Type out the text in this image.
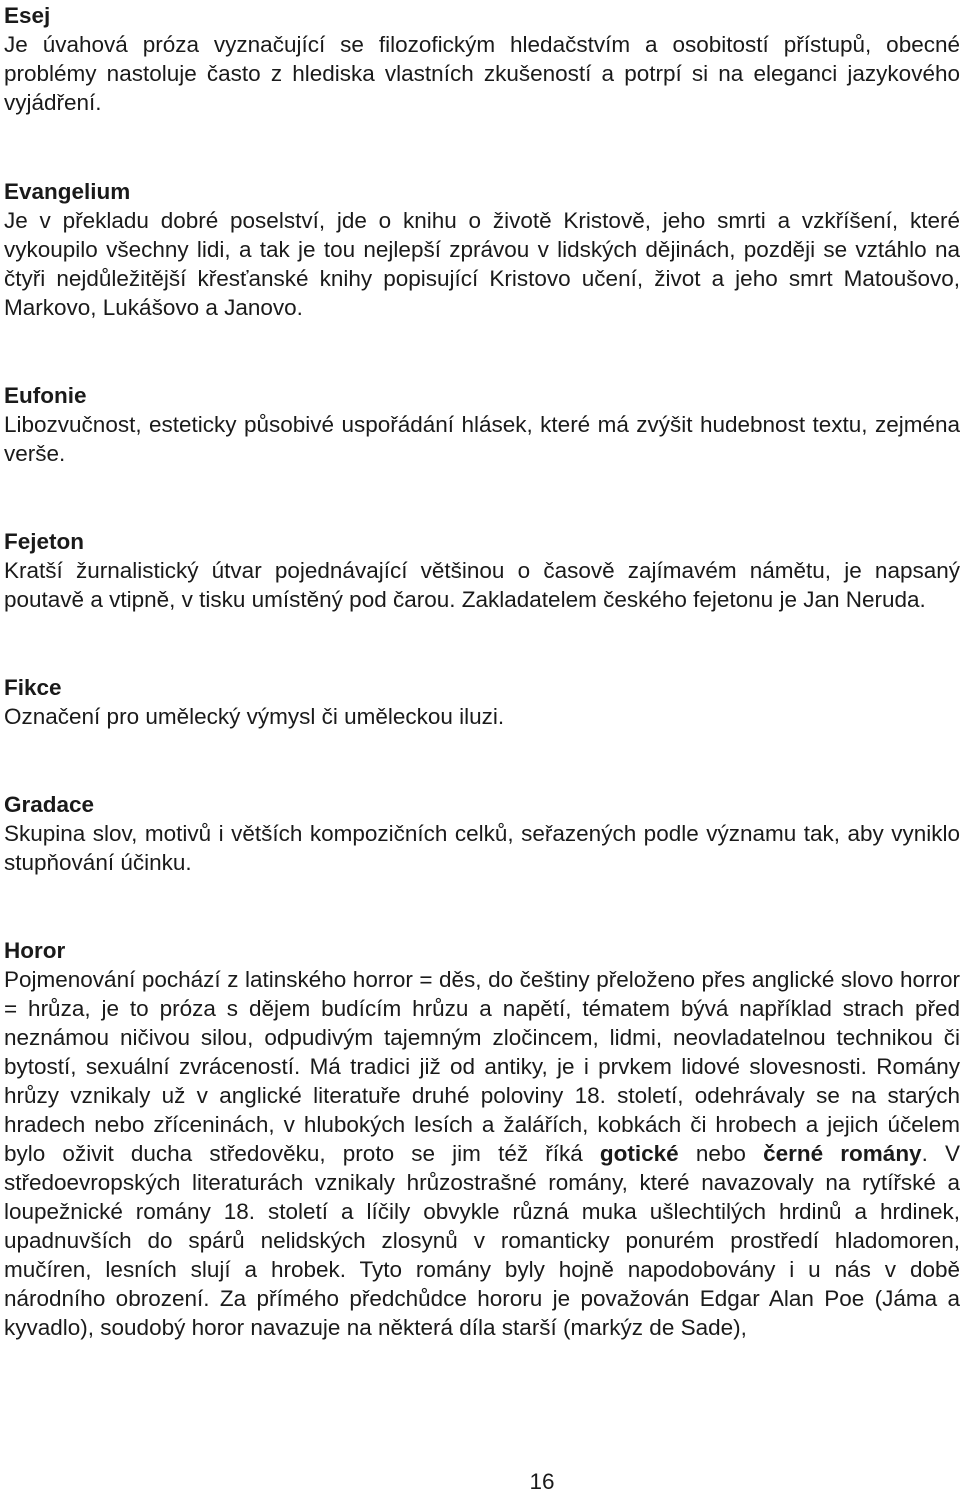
Esej
Je úvahová próza vyznačující se filozofickým hledačstvím a osobitostí přístupů, obecné problémy nastoluje často z hlediska vlastních zkušeností a potrpí si na eleganci jazykového vyjádření.
Evangelium
Je v překladu dobré poselství, jde o knihu o životě Kristově, jeho smrti a vzkříšení, které vykoupilo všechny lidi, a tak je tou nejlepší zprávou v lidských dějinách, později se vztáhlo na čtyři nejdůležitější křesťanské knihy popisující Kristovo učení, život a jeho smrt Matoušovo, Markovo, Lukášovo a Janovo.
Eufonie
Libozvučnost, esteticky působivé uspořádání hlásek, které má zvýšit hudebnost textu, zejména verše.
Fejeton
Kratší žurnalistický útvar pojednávající většinou o časově zajímavém námětu, je napsaný poutavě a vtipně, v tisku umístěný pod čarou. Zakladatelem českého fejetonu je Jan Neruda.
Fikce
Označení pro umělecký výmysl či uměleckou iluzi.
Gradace
Skupina slov, motivů i větších kompozičních celků, seřazených podle významu tak, aby vyniklo stupňování účinku.
Horor
Pojmenování pochází z latinského horror = děs, do češtiny přeloženo přes anglické slovo horror = hrůza, je to próza s dějem budícím hrůzu a napětí, tématem bývá například strach před neznámou ničivou silou, odpudivým tajemným zločincem, lidmi, neovladatelnou technikou či bytostí, sexuální zvráceností. Má tradici již od antiky, je i prvkem lidové slovesnosti. Romány hrůzy vznikaly už v anglické literatuře druhé poloviny 18. století, odehrávaly se na starých hradech nebo zříceninách, v hlubokých lesích a žalářích, kobkách či hrobech a jejich účelem bylo oživit ducha středověku, proto se jim též říká gotické nebo černé romány. V středoevropských literaturách vznikaly hrůzostrašné romány, které navazovaly na rytířské a loupežnické romány 18. století a líčily obvykle různá muka ušlechtilých hrdinů a hrdinek, upadnuvších do spárů nelidských zlosynů v romanticky ponurém prostředí hladomoren, mučíren, lesních slují a hrobek. Tyto romány byly hojně napodobovány i u nás v době národního obrození. Za přímého předchůdce hororu je považován Edgar Alan Poe (Jáma a kyvadlo), soudobý horor navazuje na některá díla starší (markýz de Sade),
16
